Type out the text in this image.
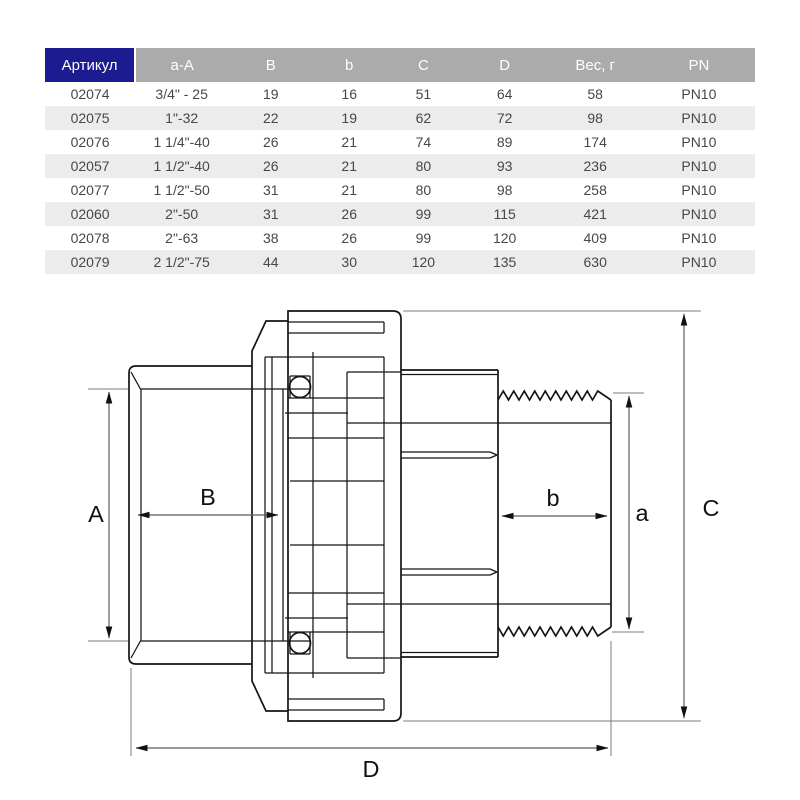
Артикул	a-A	B	b	C	D	Вес, г	PN
02074	3/4" - 25	19	16	51	64	58	PN10
02075	1"-32	22	19	62	72	98	PN10
02076	1 1/4"-40	26	21	74	89	174	PN10
02057	1 1/2"-40	26	21	80	93	236	PN10
02077	1 1/2"-50	31	21	80	98	258	PN10
02060	2"-50	31	26	99	115	421	PN10
02078	2"-63	38	26	99	120	409	PN10
02079	2 1/2"-75	44	30	120	135	630	PN10
A
B	b
a C
D
